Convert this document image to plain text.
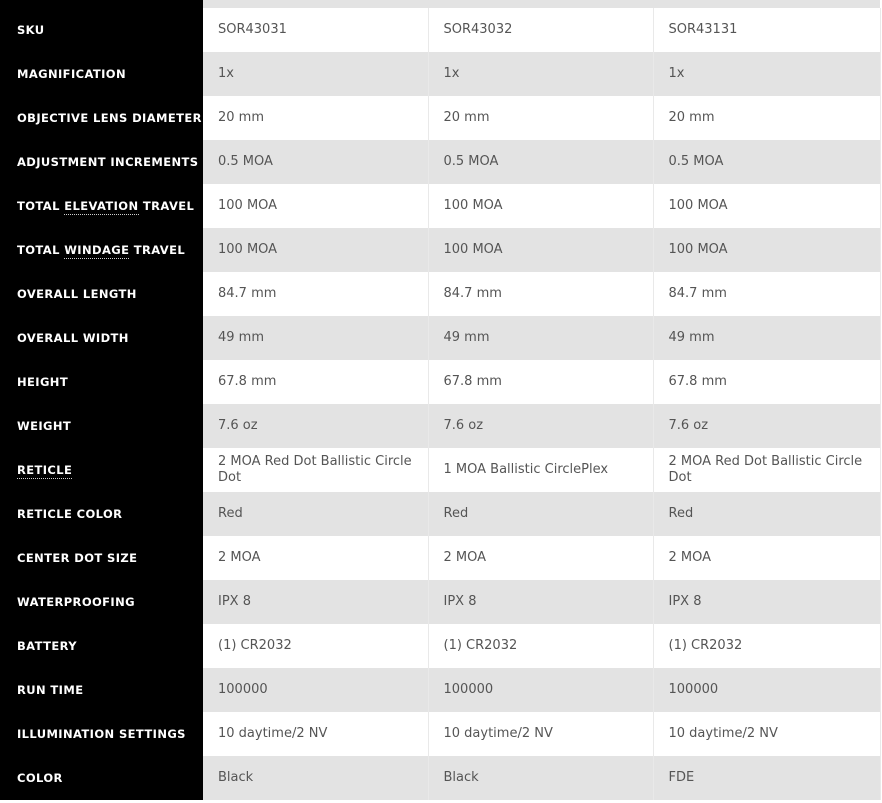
SKU	SOR43031	SOR43032	SOR43131
MAGNIFICATION	1x	1x	1x
OBJECTIVE LENS DIAMETER	20 mm	20 mm	20 mm
ADJUSTMENT INCREMENTS	0.5 MOA	0.5 MOA	0.5 MOA
TOTAL ELEVATION TRAVEL	100 MOA	100 MOA	100 MOA
TOTAL WINDAGE TRAVEL	100 MOA	100 MOA	100 MOA
OVERALL LENGTH	84.7 mm	84.7 mm	84.7 mm
OVERALL WIDTH	49 mm	49 mm	49 mm
HEIGHT	67.8 mm	67.8 mm	67.8 mm
WEIGHT	7.6 oz	7.6 oz	7.6 oz
RETICLE	2 MOA Red Dot Ballistic Circle Dot	1 MOA Ballistic CirclePlex	2 MOA Red Dot Ballistic Circle Dot
RETICLE COLOR	Red	Red	Red
CENTER DOT SIZE	2 MOA	2 MOA	2 MOA
WATERPROOFING	IPX 8	IPX 8	IPX 8
BATTERY	(1) CR2032	(1) CR2032	(1) CR2032
RUN TIME	100000	100000	100000
ILLUMINATION SETTINGS	10 daytime/2 NV	10 daytime/2 NV	10 daytime/2 NV
COLOR	Black	Black	FDE
